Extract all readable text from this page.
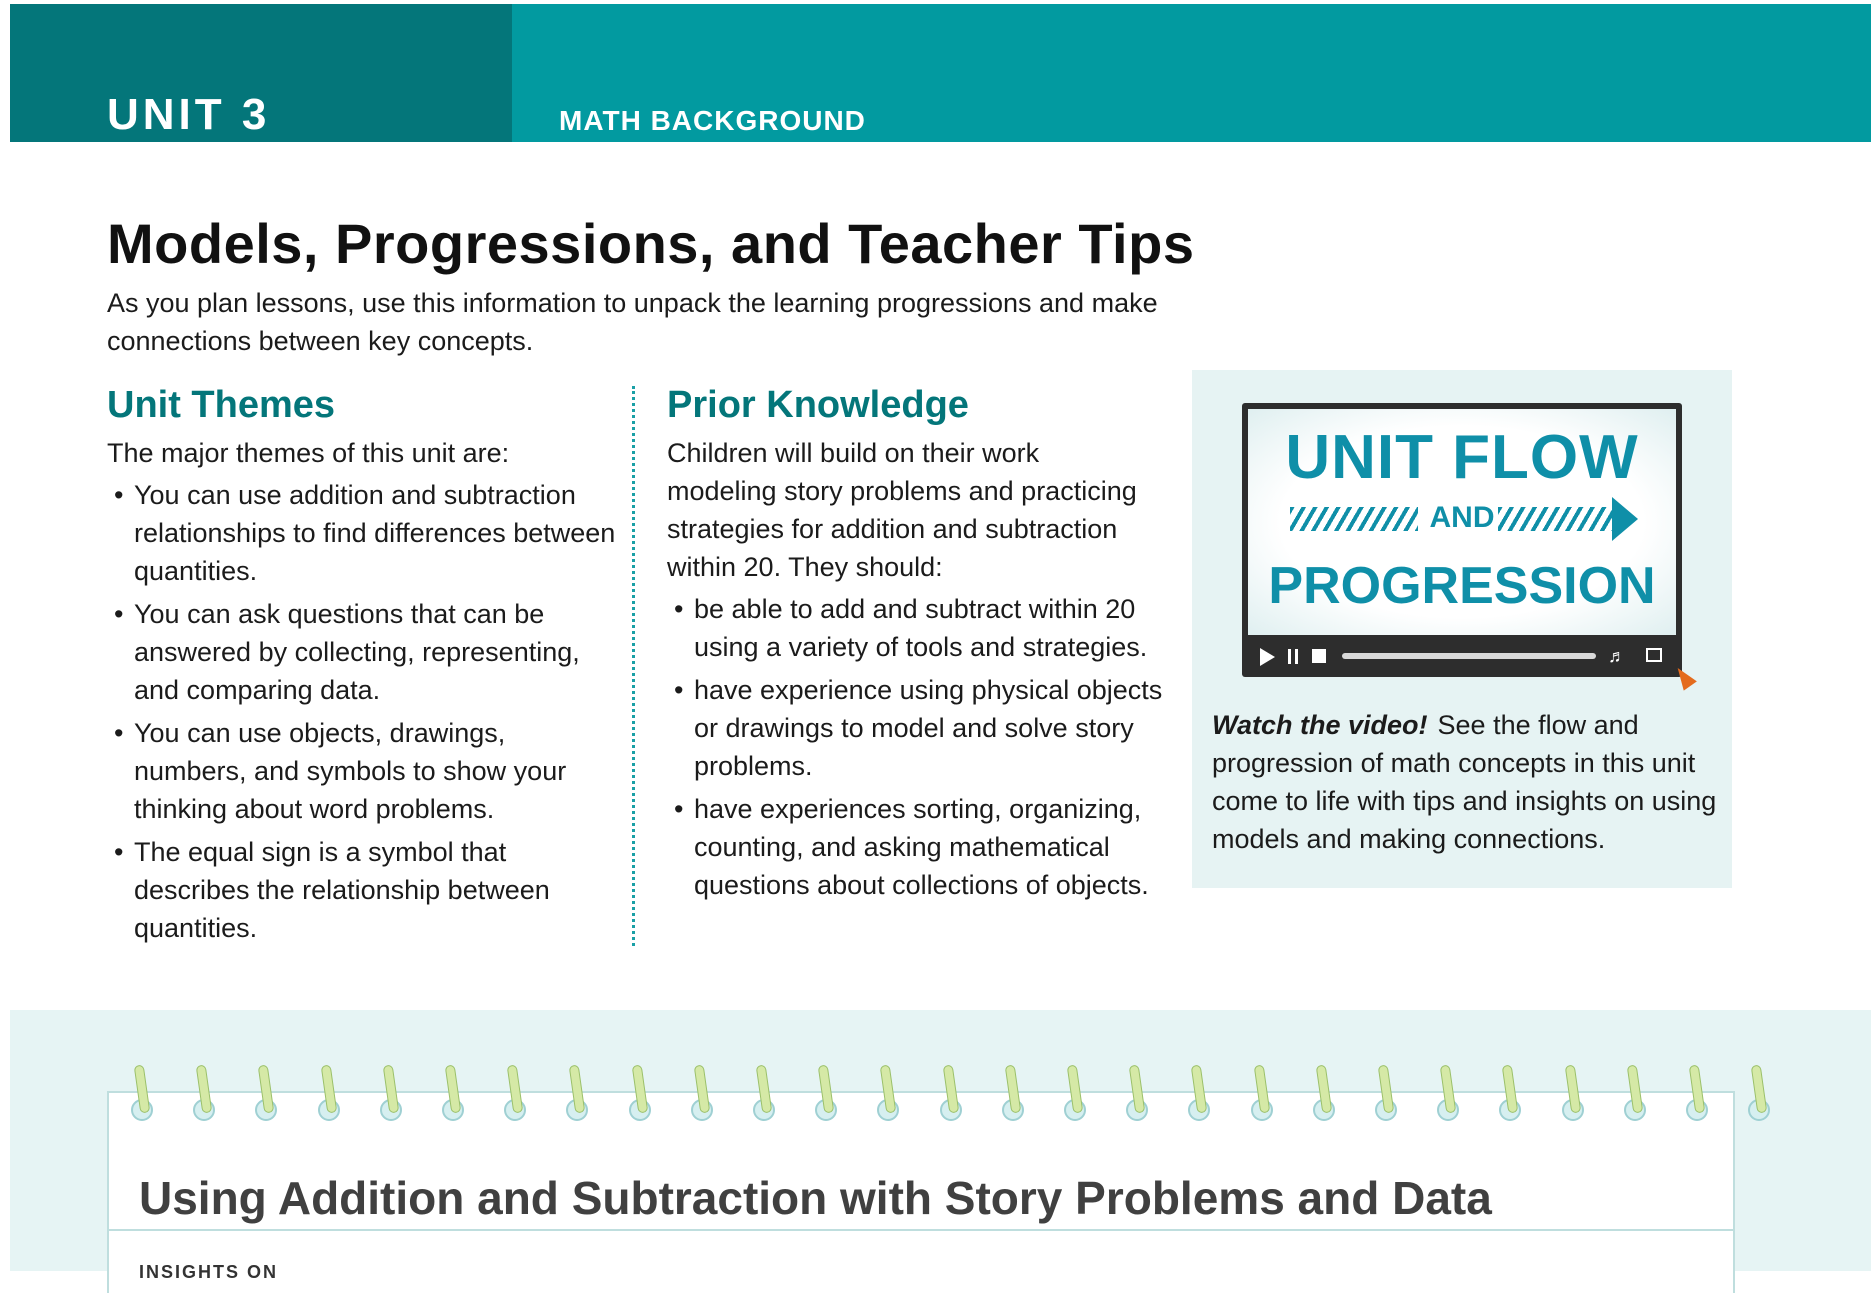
UNIT 3	MATH BACKGROUND
Models, Progressions, and Teacher Tips

As you plan lessons, use this information to unpack the learning progressions and make connections between key concepts.

Unit Themes

The major themes of this unit are:

• You can use addition and subtraction relationships to find differences between quantities.
• You can ask questions that can be answered by collecting, representing, and comparing data.
• You can use objects, drawings, numbers, and symbols to show your thinking about word problems.
• The equal sign is a symbol that describes the relationship between quantities.
Prior Knowledge

Children will build on their work modeling story problems and practicing strategies for addition and subtraction within 20. They should:

• be able to add and subtract within 20 using a variety of tools and strategies.
• have experience using physical objects or drawings to model and solve story problems.
• have experiences sorting, organizing, counting, and asking mathematical questions about collections of objects.
UNIT FLOW
AND
PROGRESSION
♬

Watch the video! See the flow and progression of math concepts in this unit come to life with tips and insights on using models and making connections.

Using Addition and Subtraction with Story Problems and Data
INSIGHTS ON
